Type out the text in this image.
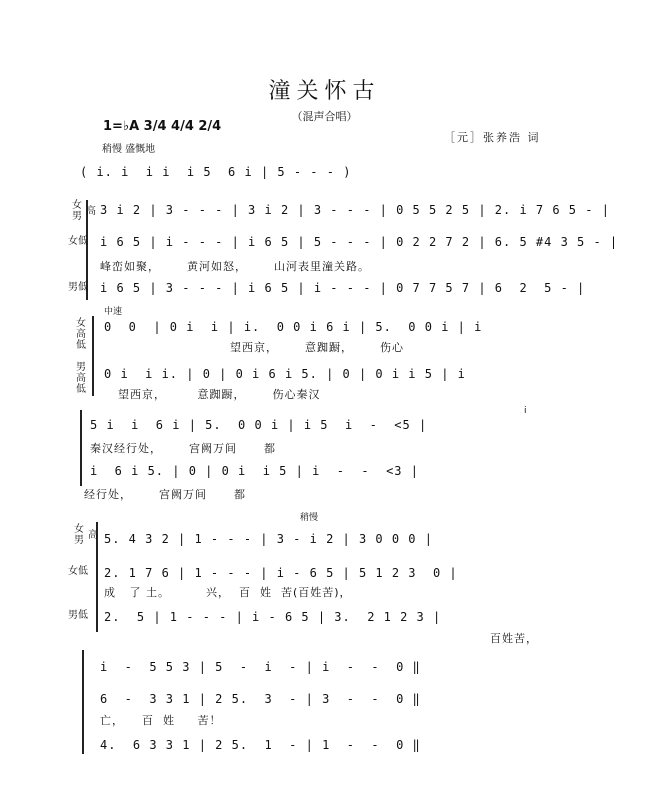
潼关怀古
（混声合唱）
1=♭A 3/4 4/4 2/4
稍慢 盛慨地
［元］张养浩 词
( i. i  i i  i 5  6 i | 5 - - - )
女 男 高 3 i 2 | 3 - - - | 3 i 2 | 3 - - - | 0 5 5 2 5 | 2. i 7 6 5 - |
女低	i 6 5 | i - - - | i 6 5 | 5 - - - | 0 2 2 7 2 | 6. 5 #4 3 5 - |
峰峦如聚，      黄河如怒，      山河表里潼关路。
男低	i 6 5 | 3 - - - | i 6 5 | i - - - | 0 7 7 5 7 | 6  2  5 - |
中速
女 高 低
0  0  | 0 i  i | i.  0 0 i 6 i | 5.  0 0 i | i
望西京，      意踟蹰，      伤心
男 高 低
0 i  i i. | 0 | 0 i 6 i 5. | 0 | 0 i i 5 | i
望西京，       意踟蹰，      伤心秦汉
i
5 i  i  6 i | 5.  0 0 i | i 5  i  -  <5 |
秦汉经行处，      宫阙万间      都
i  6 i 5. | 0 | 0 i  i 5 | i  -  -  <3 |
经行处，      宫阙万间      都
稍慢
女 男 高 5. 4 3 2 | 1 - - - | 3 - i 2 | 3 0 0 0 |
女低	2. 1 7 6 | 1 - - - | i - 6 5 | 5 1 2 3  0 |
成   了 土。        兴，  百  姓  苦(百姓苦)，
男低	2.  5 | 1 - - - | i - 6 5 | 3.  2 1 2 3 |
百姓苦，
i  -  5 5 3 | 5  -  i  - | i  -  -  0 ‖
6  -  3 3 1 | 2 5.  3  - | 3  -  -  0 ‖
亡，    百  姓     苦！
4.  6 3 3 1 | 2 5.  1  - | 1  -  -  0 ‖
